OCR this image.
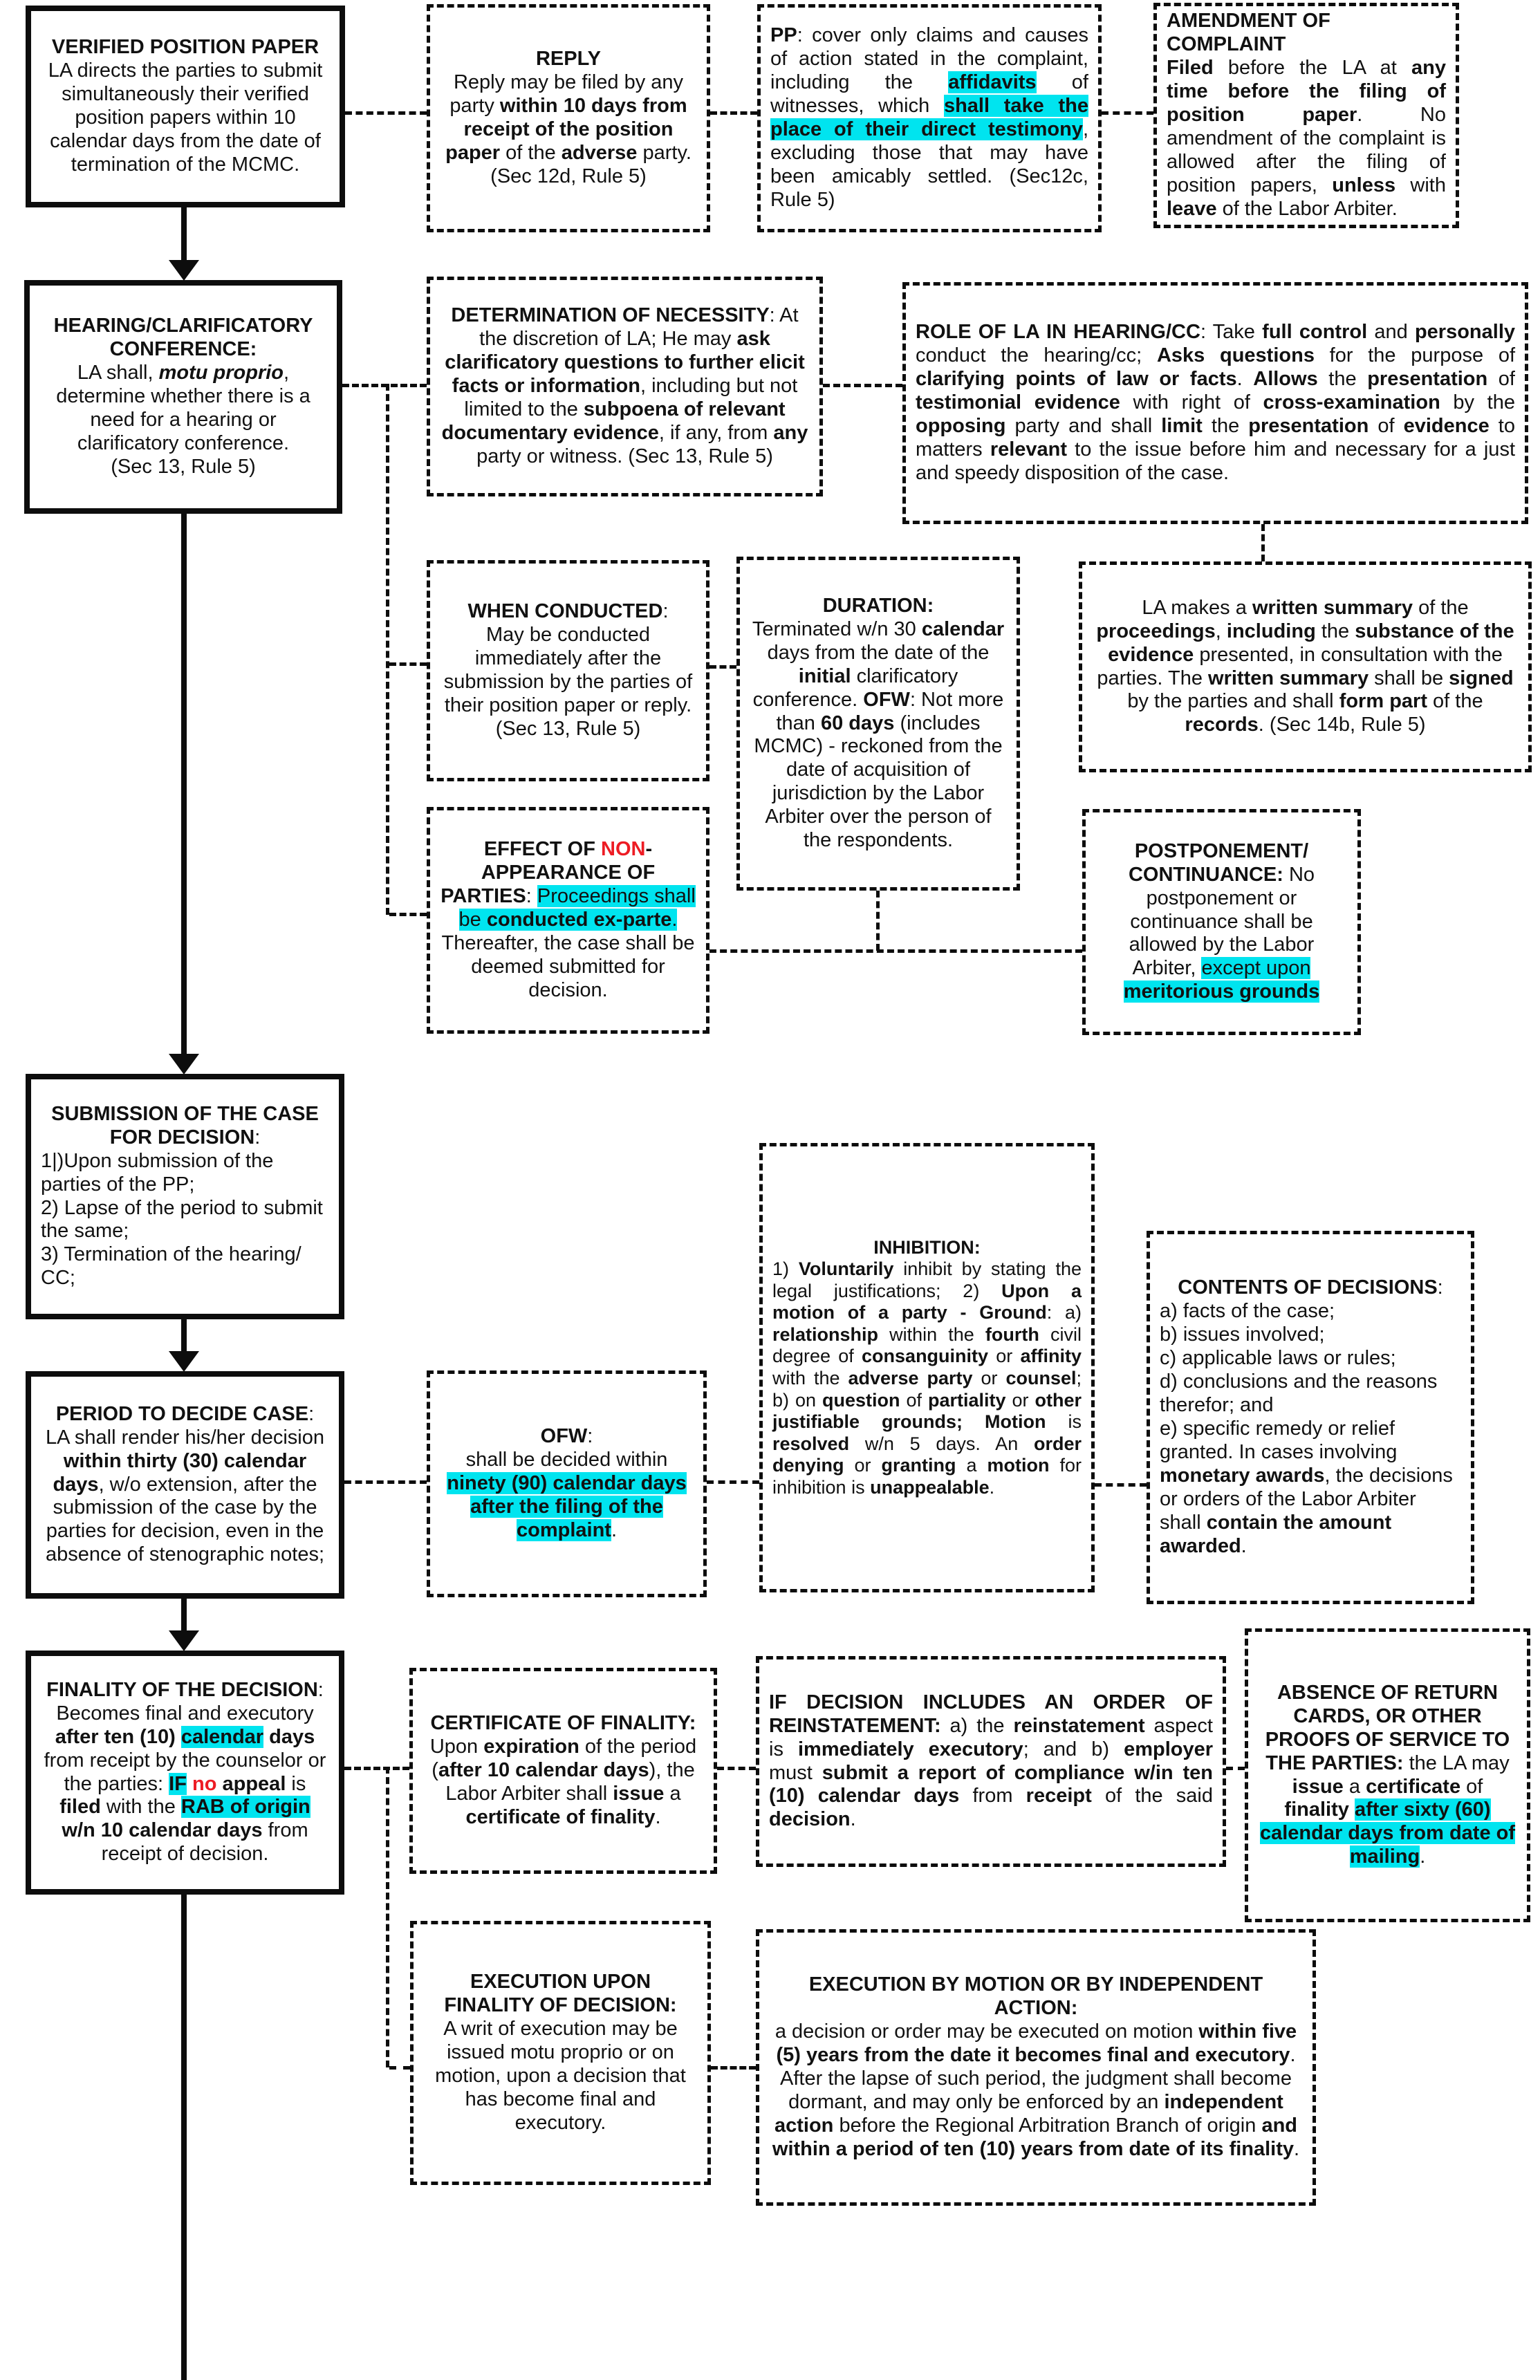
VERIFIED POSITION PAPER
LA directs the parties to submit simultaneously their verified position papers within 10 calendar days from the date of termination of the MCMC.
REPLY
Reply may be filed by any party within 10 days from receipt of the position paper of the adverse party. (Sec 12d, Rule 5)
PP: cover only claims and causes of action stated in the complaint, including the affidavits of witnesses, which shall take the place of their direct testimony, excluding those that may have been amicably settled. (Sec12c, Rule 5)
AMENDMENT OF COMPLAINT
Filed before the LA at any time before the filing of position paper. No amendment of the complaint is allowed after the filing of position papers, unless with leave of the Labor Arbiter.
HEARING/CLARIFICATORY CONFERENCE:
LA shall, motu proprio, determine whether there is a need for a hearing or clarificatory conference.
(Sec 13, Rule 5)
DETERMINATION OF NECESSITY: At the discretion of LA; He may ask clarificatory questions to further elicit facts or information, including but not limited to the subpoena of relevant documentary evidence, if any, from any party or witness. (Sec 13, Rule 5)
ROLE OF LA IN HEARING/CC: Take full control and personally conduct the hearing/cc; Asks questions for the purpose of clarifying points of law or facts. Allows the presentation of testimonial evidence with right of cross-examination by the opposing party and shall limit the presentation of evidence to matters relevant to the issue before him and necessary for a just and speedy disposition of the case.
WHEN CONDUCTED:
May be conducted immediately after the submission by the parties of their position paper or reply.
(Sec 13, Rule 5)
DURATION:
Terminated w/n 30 calendar days from the date of the initial clarificatory conference. OFW: Not more than 60 days (includes MCMC) - reckoned from the date of acquisition of jurisdiction by the Labor Arbiter over the person of the respondents.
LA makes a written summary of the proceedings, including the substance of the evidence presented, in consultation with the parties. The written summary shall be signed by the parties and shall form part of the records. (Sec 14b, Rule 5)
EFFECT OF NON-APPEARANCE OF PARTIES: Proceedings shall be conducted ex-parte. Thereafter, the case shall be deemed submitted for decision.
POSTPONEMENT/​CONTINUANCE: No postponement or continuance shall be allowed by the Labor Arbiter, except upon meritorious grounds
SUBMISSION OF THE CASE FOR DECISION:
1|)Upon submission of the parties of the PP;
2) Lapse of the period to submit the same;
3) Termination of the hearing/ CC;
INHIBITION:
1) Voluntarily inhibit by stating the legal justifications; 2) Upon a motion of a party - Ground: a) relationship within the fourth civil degree of consanguinity or affinity with the adverse party or counsel; b) on question of partiality or other justifiable grounds; Motion is resolved w/n 5 days. An order denying or granting a motion for inhibition is unappealable.
CONTENTS OF DECISIONS:
a) facts of the case;
b) issues involved;
c) applicable laws or rules;
d) conclusions and the reasons therefor; and
e) specific remedy or relief granted. In cases involving monetary awards, the decisions or orders of the Labor Arbiter shall contain the amount awarded.
PERIOD TO DECIDE CASE:
LA shall render his/her decision within thirty (30) calendar days, w/o extension, after the submission of the case by the parties for decision, even in the absence of stenographic notes;
OFW:
shall be decided within ninety (90) calendar days after the filing of the complaint.
FINALITY OF THE DECISION:
Becomes final and executory after ten (10) calendar days from receipt by the counselor or the parties: IF no appeal is filed with the RAB of origin w/n 10 calendar days from receipt of decision.
CERTIFICATE OF FINALITY:
Upon expiration of the period (after 10 calendar days), the Labor Arbiter shall issue a certificate of finality.
IF DECISION INCLUDES AN ORDER OF REINSTATEMENT: a) the reinstatement aspect is immediately executory; and b) employer must submit a report of compliance w/in ten (10) calendar days from receipt of the said decision.
ABSENCE OF RETURN CARDS, OR OTHER PROOFS OF SERVICE TO THE PARTIES: the LA may issue a certificate of finality after sixty (60) calendar days from date of mailing.
EXECUTION UPON FINALITY OF DECISION:
A writ of execution may be issued motu proprio or on motion, upon a decision that has become final and executory.
EXECUTION BY MOTION OR BY INDEPENDENT ACTION:
a decision or order may be executed on motion within five (5) years from the date it becomes final and executory. After the lapse of such period, the judgment shall become dormant, and may only be enforced by an independent action before the Regional Arbitration Branch of origin and within a period of ten (10) years from date of its finality.
